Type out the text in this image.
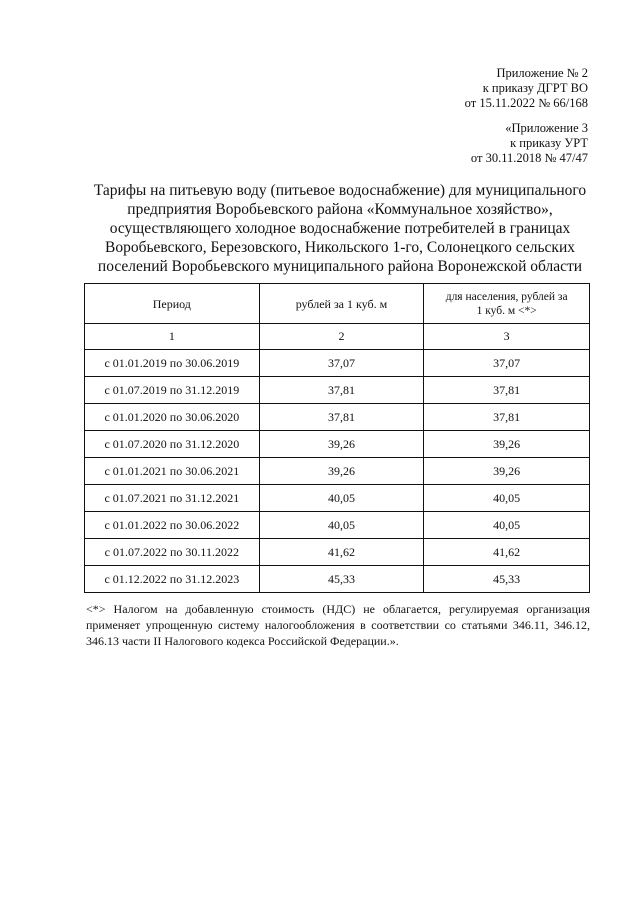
Приложение № 2
к приказу ДГРТ ВО
от 15.11.2022 № 66/168
«Приложение 3
к приказу УРТ
от 30.11.2018 № 47/47
Тарифы на питьевую воду (питьевое водоснабжение) для муниципального
предприятия Воробьевского района «Коммунальное хозяйство»,
осуществляющего холодное водоснабжение потребителей в границах
Воробьевского, Березовского, Никольского 1-го, Солонецкого сельских
поселений Воробьевского муниципального района Воронежской области
Период	рублей за 1 куб. м	для населения, рублей за
1 куб. м <*>
1	2	3
с 01.01.2019 по 30.06.2019	37,07	37,07
с 01.07.2019 по 31.12.2019	37,81	37,81
с 01.01.2020 по 30.06.2020	37,81	37,81
с 01.07.2020 по 31.12.2020	39,26	39,26
с 01.01.2021 по 30.06.2021	39,26	39,26
с 01.07.2021 по 31.12.2021	40,05	40,05
с 01.01.2022 по 30.06.2022	40,05	40,05
с 01.07.2022 по 30.11.2022	41,62	41,62
с 01.12.2022 по 31.12.2023	45,33	45,33
<*> Налогом на добавленную стоимость (НДС) не облагается, регулируемая организация применяет упрощенную систему налогообложения в соответствии со статьями 346.11, 346.12, 346.13 части II Налогового кодекса Российской Федерации.».
